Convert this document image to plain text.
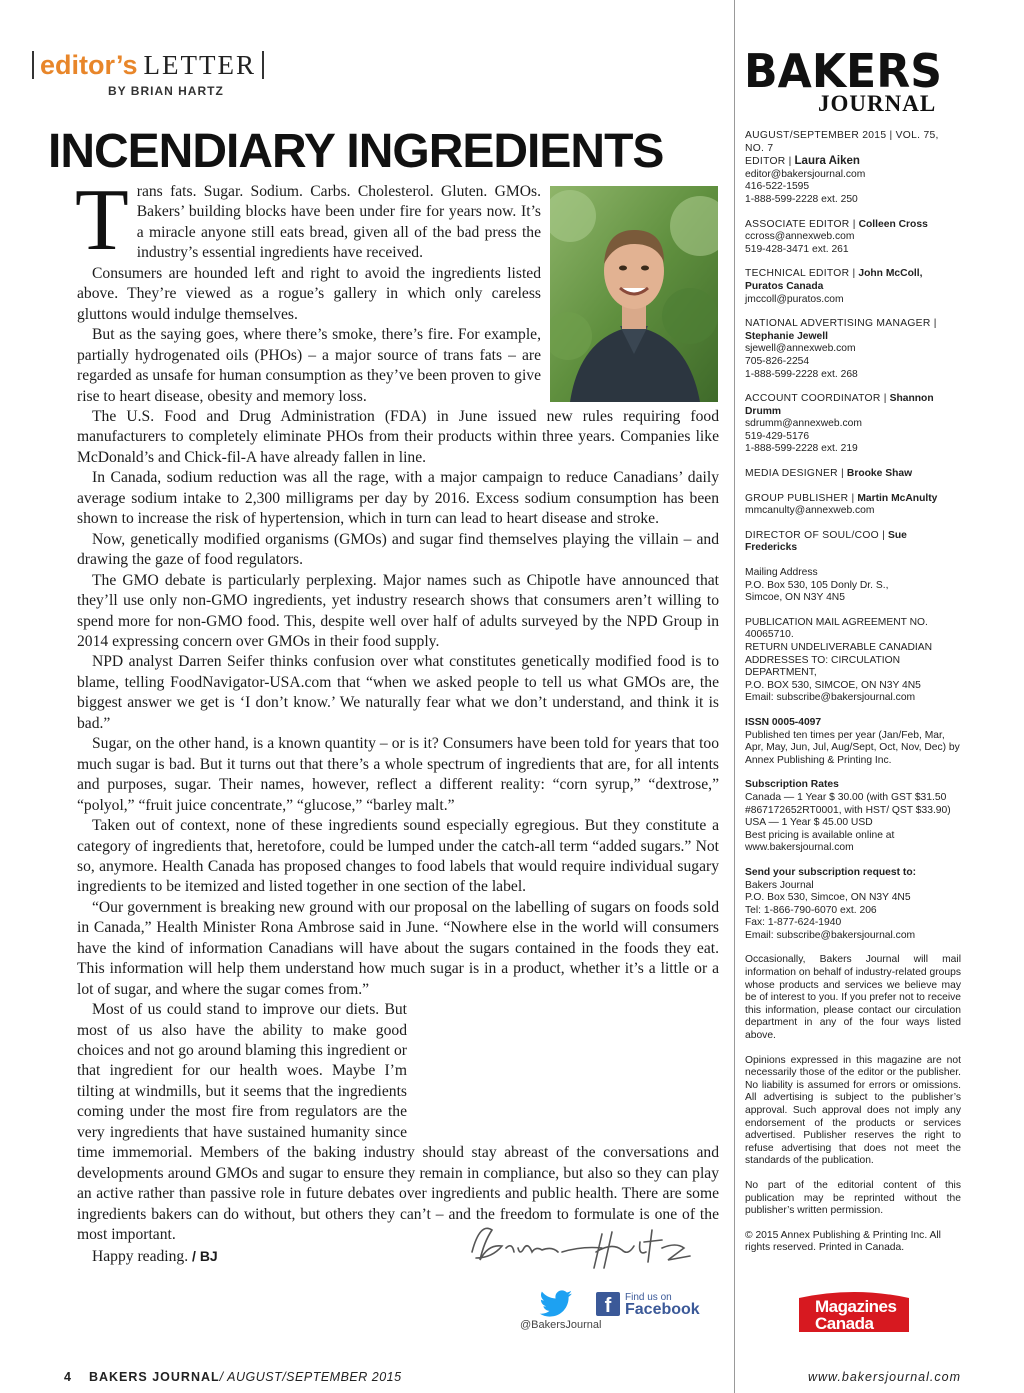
editor’s LETTER
BY BRIAN HARTZ
INCENDIARY INGREDIENTS

Trans fats. Sugar. Sodium. Carbs. Cholesterol. Gluten. GMOs. Bakers’ building blocks have been under fire for years now. It’s a miracle anyone still eats bread, given all of the bad press the industry’s essential ingredients have received.

Consumers are hounded left and right to avoid the ingredients listed above. They’re viewed as a rogue’s gallery in which only careless gluttons would indulge themselves.

But as the saying goes, where there’s smoke, there’s fire. For example, partially hydrogenated oils (PHOs) – a major source of trans fats – are regarded as unsafe for human consumption as they’ve been proven to give rise to heart disease, obesity and memory loss.

The U.S. Food and Drug Administration (FDA) in June issued new rules requiring food manufacturers to completely eliminate PHOs from their products within three years. Companies like McDonald’s and Chick-fil-A have already fallen in line.

In Canada, sodium reduction was all the rage, with a major campaign to reduce Canadians’ daily average sodium intake to 2,300 milligrams per day by 2016. Excess sodium consumption has been shown to increase the risk of hypertension, which in turn can lead to heart disease and stroke.

Now, genetically modified organisms (GMOs) and sugar find themselves playing the villain – and drawing the gaze of food regulators.

The GMO debate is particularly perplexing. Major names such as Chipotle have announced that they’ll use only non-GMO ingredients, yet industry research shows that consumers aren’t willing to spend more for non-GMO food. This, despite well over half of adults surveyed by the NPD Group in 2014 expressing concern over GMOs in their food supply.

NPD analyst Darren Seifer thinks confusion over what constitutes genetically modified food is to blame, telling FoodNavigator-USA.com that “when we asked people to tell us what GMOs are, the biggest answer we get is ‘I don’t know.’ We naturally fear what we don’t understand, and think it is bad.”

Sugar, on the other hand, is a known quantity – or is it? Consumers have been told for years that too much sugar is bad. But it turns out that there’s a whole spectrum of ingredients that are, for all intents and purposes, sugar. Their names, however, reflect a different reality: “corn syrup,” “dextrose,” “polyol,” “fruit juice concentrate,” “glucose,” “barley malt.”

Taken out of context, none of these ingredients sound especially egregious. But they constitute a category of ingredients that, heretofore, could be lumped under the catch-all term “added sugars.” Not so, anymore. Health Canada has proposed changes to food labels that would require individual sugary ingredients to be itemized and listed together in one section of the label.

“Our government is breaking new ground with our proposal on the labelling of sugars on foods sold in Canada,” Health Minister Rona Ambrose said in June. “Nowhere else in the world will consumers have the kind of information Canadians will have about the sugars contained in the foods they eat. This information will help them understand how much sugar is in a product, whether it’s a little or a lot of sugar, and where the sugar comes from.”

Most of us could stand to improve our diets. But most of us also have the ability to make good choices and not go around blaming this ingredient or that ingredient for our health woes. Maybe I’m tilting at windmills, but it seems that the ingredients coming under the most fire from regulators are the very ingredients that have sustained humanity since time immemorial. Members of the baking industry should stay abreast of the conversations and developments around GMOs and sugar to ensure they remain in compliance, but also so they can play an active rather than passive role in future debates over ingredients and public health. There are some ingredients bakers can do without, but others they can’t – and the freedom to formulate is one of the most important.

Happy reading. / BJ

@BakersJournal
f	Find us on
Facebook
4 BAKERS JOURNAL/ AUGUST/SEPTEMBER 2015	www.bakersjournal.com
BAKERS
JOURNAL
AUGUST/SEPTEMBER 2015 | VOL. 75, NO. 7
EDITOR | Laura Aiken
editor@bakersjournal.com
416-522-1595
1-888-599-2228 ext. 250
ASSOCIATE EDITOR | Colleen Cross
ccross@annexweb.com
519-428-3471 ext. 261
TECHNICAL EDITOR | John McColl, Puratos Canada
jmccoll@puratos.com
NATIONAL ADVERTISING MANAGER | Stephanie Jewell
sjewell@annexweb.com
705-826-2254
1-888-599-2228 ext. 268
ACCOUNT COORDINATOR | Shannon Drumm
sdrumm@annexweb.com
519-429-5176
1-888-599-2228 ext. 219
MEDIA DESIGNER | Brooke Shaw
GROUP PUBLISHER | Martin McAnulty
mmcanulty@annexweb.com
DIRECTOR OF SOUL/COO | Sue Fredericks
Mailing Address
P.O. Box 530, 105 Donly Dr. S.,
Simcoe, ON N3Y 4N5
PUBLICATION MAIL AGREEMENT NO. 40065710.
RETURN UNDELIVERABLE CANADIAN ADDRESSES TO: CIRCULATION DEPARTMENT,
P.O. BOX 530, SIMCOE, ON N3Y 4N5
Email: subscribe@bakersjournal.com
ISSN 0005-4097
Published ten times per year (Jan/Feb, Mar, Apr, May, Jun, Jul, Aug/Sept, Oct, Nov, Dec) by Annex Publishing & Printing Inc.
Subscription Rates
Canada — 1 Year $ 30.00 (with GST $31.50 #867172652RT0001, with HST/ QST $33.90)
USA — 1 Year $ 45.00 USD
Best pricing is available online at www.bakersjournal.com
Send your subscription request to:
Bakers Journal
P.O. Box 530, Simcoe, ON N3Y 4N5
Tel: 1-866-790-6070 ext. 206
Fax: 1-877-624-1940
Email: subscribe@bakersjournal.com
Occasionally, Bakers Journal will mail information on behalf of industry-related groups whose products and services we believe may be of interest to you. If you prefer not to receive this information, please contact our circulation department in any of the four ways listed above.
Opinions expressed in this magazine are not necessarily those of the editor or the publisher. No liability is assumed for errors or omissions. All advertising is subject to the publisher’s approval. Such approval does not imply any endorsement of the products or services advertised. Publisher reserves the right to refuse advertising that does not meet the standards of the publication.
No part of the editorial content of this publication may be reprinted without the publisher’s written permission.
© 2015 Annex Publishing & Printing Inc. All rights reserved. Printed in Canada.
Magazines
Canada
